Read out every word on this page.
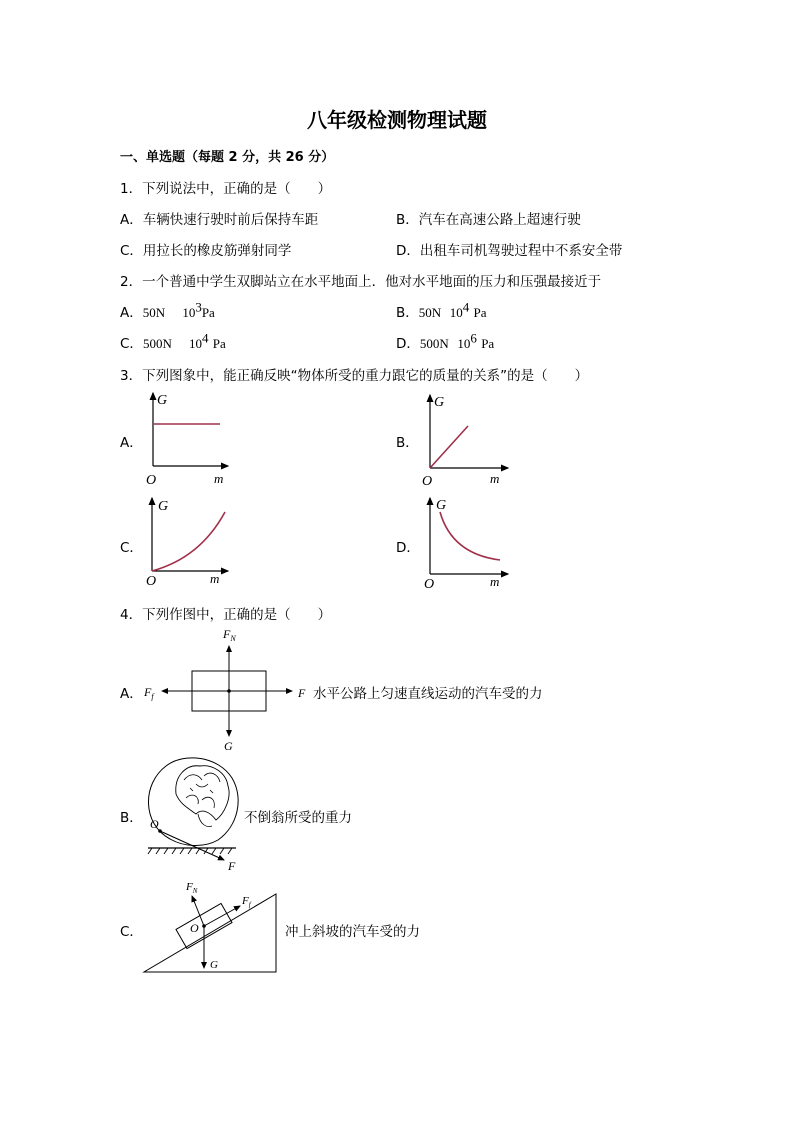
八年级检测物理试题
一、单选题（每题 2 分，共 26 分）
1．下列说法中，正确的是（　　）
A．车辆快速行驶时前后保持车距	B．汽车在高速公路上超速行驶
C．用拉长的橡皮筋弹射同学	D．出租车司机驾驶过程中不系安全带
2．一个普通中学生双脚站立在水平地面上．他对水平地面的压力和压强最接近于
A．50N $10^3Pa$	B．50N $10^4$ Pa
C．500N $10^4$ Pa	D．500N $10^6$ Pa
3．下列图象中，能正确反映“物体所受的重力跟它的质量的关系”的是（　　）
A．	B．
C．	D．
G
m
O
G
m
O
G
m
O
G
m
O
4．下列作图中，正确的是（　　）
A．
$F_N$
$F_f$	F
G
水平公路上匀速直线运动的汽车受的力
B． O
F
不倒翁所受的重力
C．
$F_N$
$F_f$
O
G
冲上斜坡的汽车受的力
